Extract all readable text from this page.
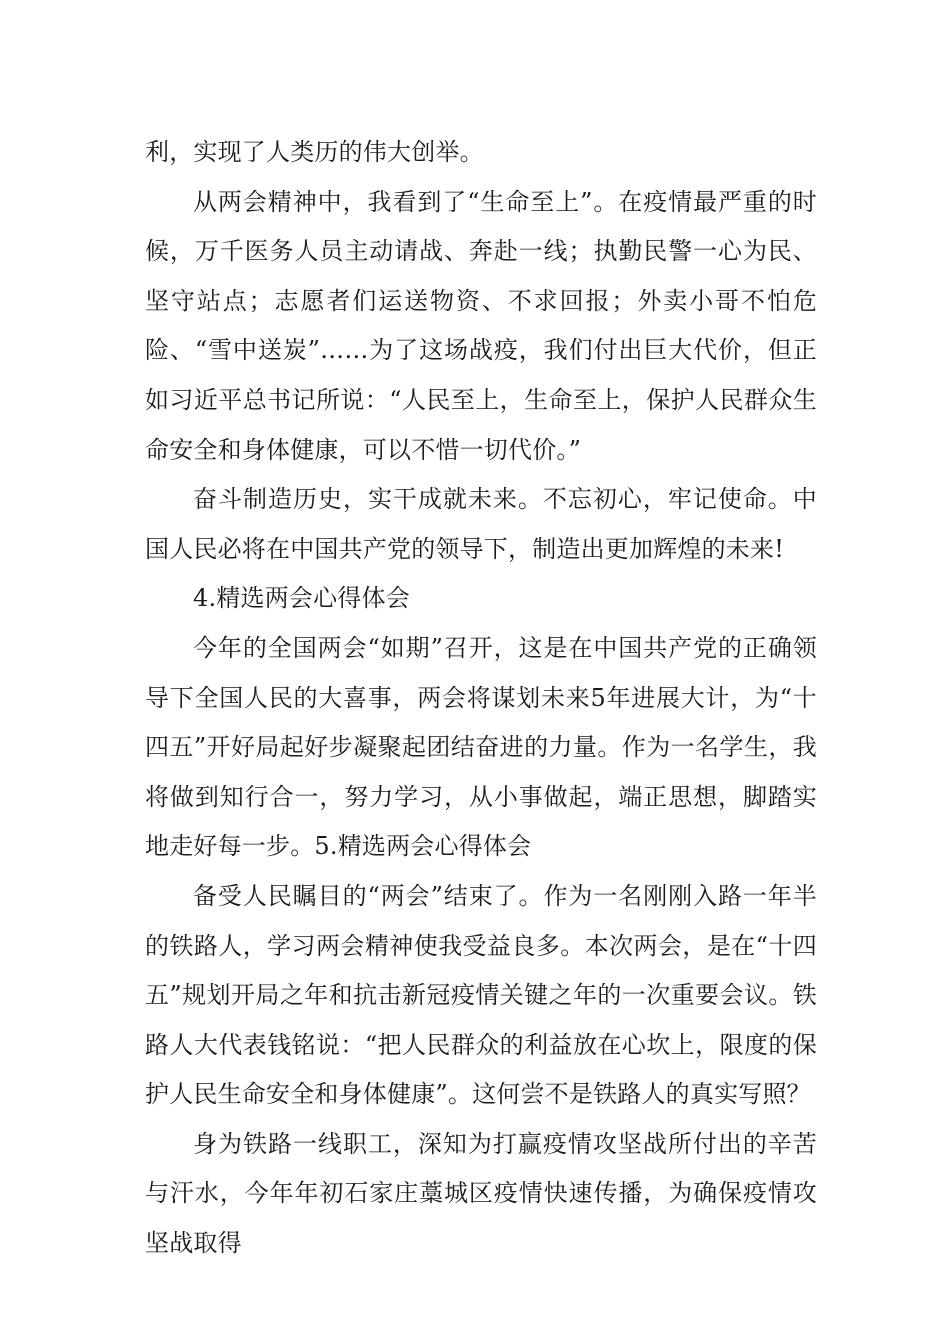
利，实现了人类历的伟大创举。

从两会精神中，我看到了“生命至上”。在疫情最严重的时候，万千医务人员主动请战、奔赴一线；执勤民警一心为民、坚守站点；志愿者们运送物资、不求回报；外卖小哥不怕危险、“雪中送炭”……为了这场战疫，我们付出巨大代价，但正如习近平总书记所说：“人民至上，生命至上，保护人民群众生命安全和身体健康，可以不惜一切代价。”

奋斗制造历史，实干成就未来。不忘初心，牢记使命。中国人民必将在中国共产党的领导下，制造出更加辉煌的未来!

4.精选两会心得体会

今年的全国两会“如期”召开，这是在中国共产党的正确领导下全国人民的大喜事，两会将谋划未来5年进展大计，为“十四五”开好局起好步凝聚起团结奋进的力量。作为一名学生，我将做到知行合一，努力学习，从小事做起，端正思想，脚踏实地走好每一步。5.精选两会心得体会

备受人民瞩目的“两会”结束了。作为一名刚刚入路一年半的铁路人，学习两会精神使我受益良多。本次两会，是在“十四五”规划开局之年和抗击新冠疫情关键之年的一次重要会议。铁路人大代表钱铭说：“把人民群众的利益放在心坎上，限度的保护人民生命安全和身体健康”。这何尝不是铁路人的真实写照？

身为铁路一线职工，深知为打赢疫情攻坚战所付出的辛苦与汗水，今年年初石家庄藁城区疫情快速传播，为确保疫情攻坚战取得
